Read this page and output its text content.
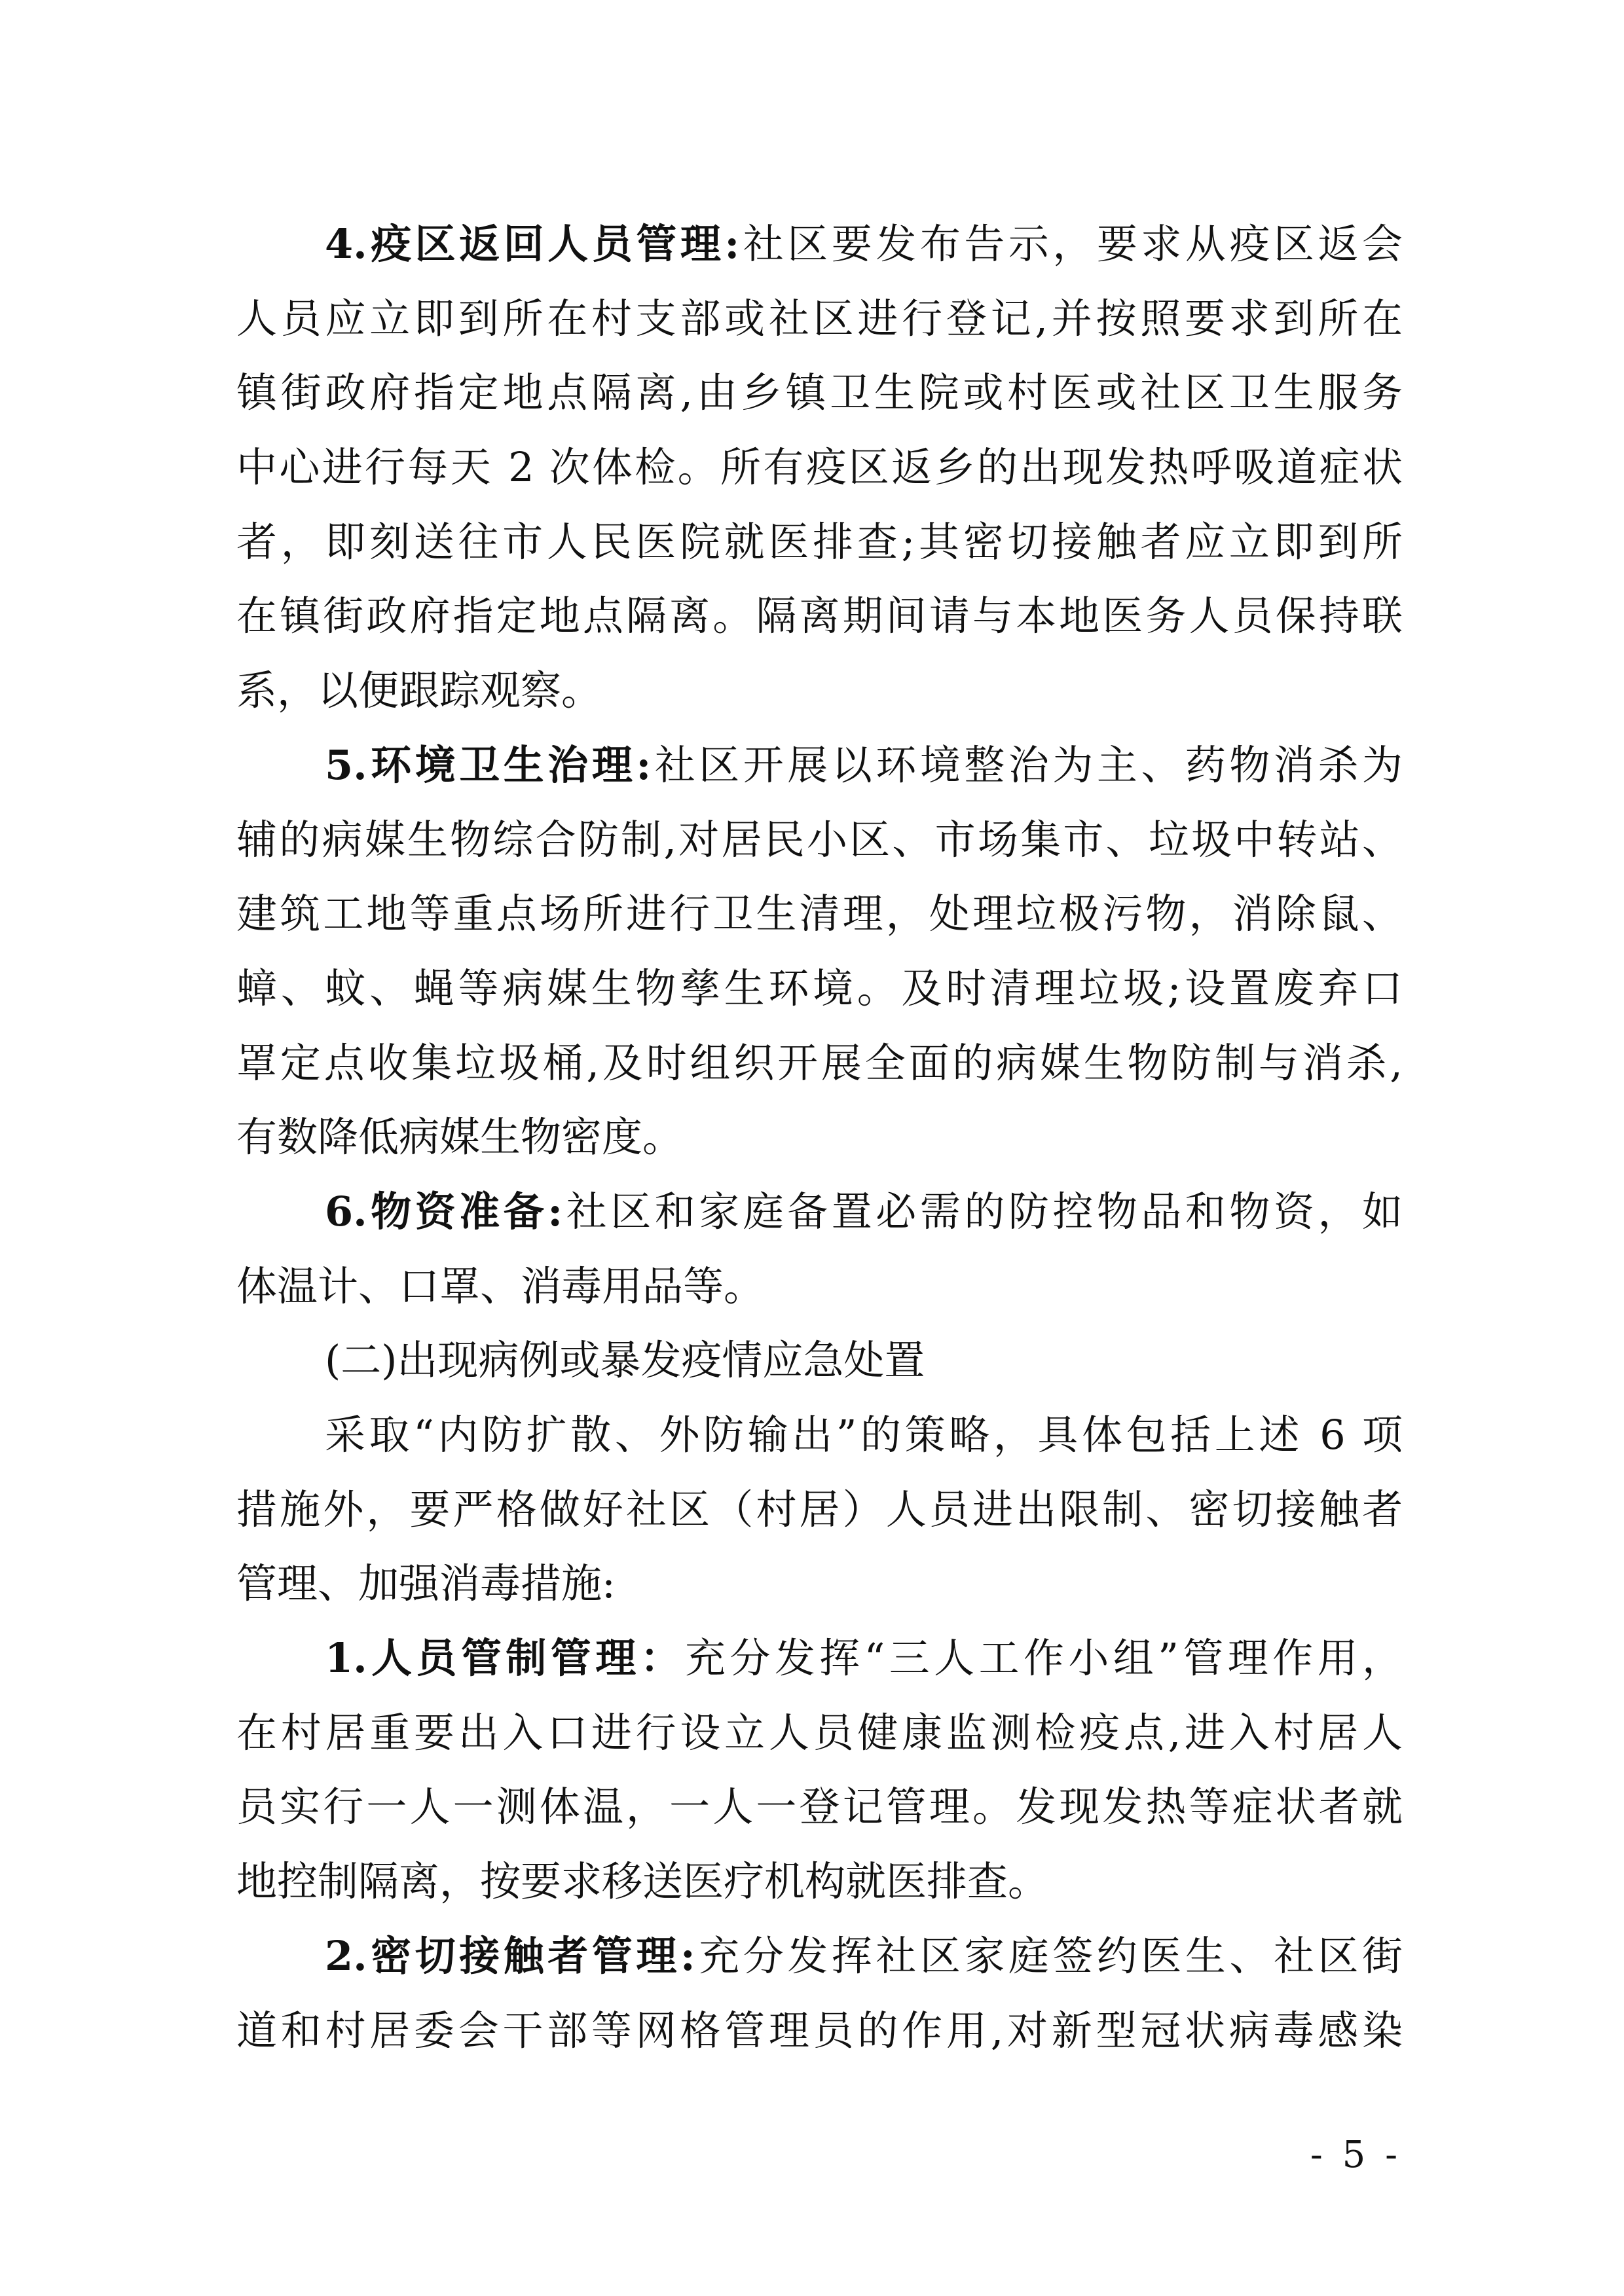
4.疫区返回人员管理:社区要发布告示，要求从疫区返会
人员应立即到所在村支部或社区进行登记,并按照要求到所在
镇街政府指定地点隔离,由乡镇卫生院或村医或社区卫生服务
中心进行每天 2 次体检。所有疫区返乡的出现发热呼吸道症状
者，即刻送往市人民医院就医排查;其密切接触者应立即到所
在镇街政府指定地点隔离。隔离期间请与本地医务人员保持联
系，以便跟踪观察。
5.环境卫生治理:社区开展以环境整治为主、药物消杀为
辅的病媒生物综合防制,对居民小区、市场集市、垃圾中转站、
建筑工地等重点场所进行卫生清理，处理垃极污物，消除鼠、
蟑、蚊、蝇等病媒生物孳生环境。及时清理垃圾;设置废弃口
罩定点收集垃圾桶,及时组织开展全面的病媒生物防制与消杀,
有数降低病媒生物密度。
6.物资准备:社区和家庭备置必需的防控物品和物资，如
体温计、口罩、消毒用品等。
(二)出现病例或暴发疫情应急处置
采取“内防扩散、外防输出”的策略，具体包括上述 6 项
措施外，要严格做好社区（村居）人员进出限制、密切接触者
管理、加强消毒措施:
1.人员管制管理：充分发挥“三人工作小组”管理作用，
在村居重要出入口进行设立人员健康监测检疫点,进入村居人
员实行一人一测体温，一人一登记管理。发现发热等症状者就
地控制隔离，按要求移送医疗机构就医排查。
2.密切接触者管理:充分发挥社区家庭签约医生、社区街
道和村居委会干部等网格管理员的作用,对新型冠状病毒感染
- 5 -
